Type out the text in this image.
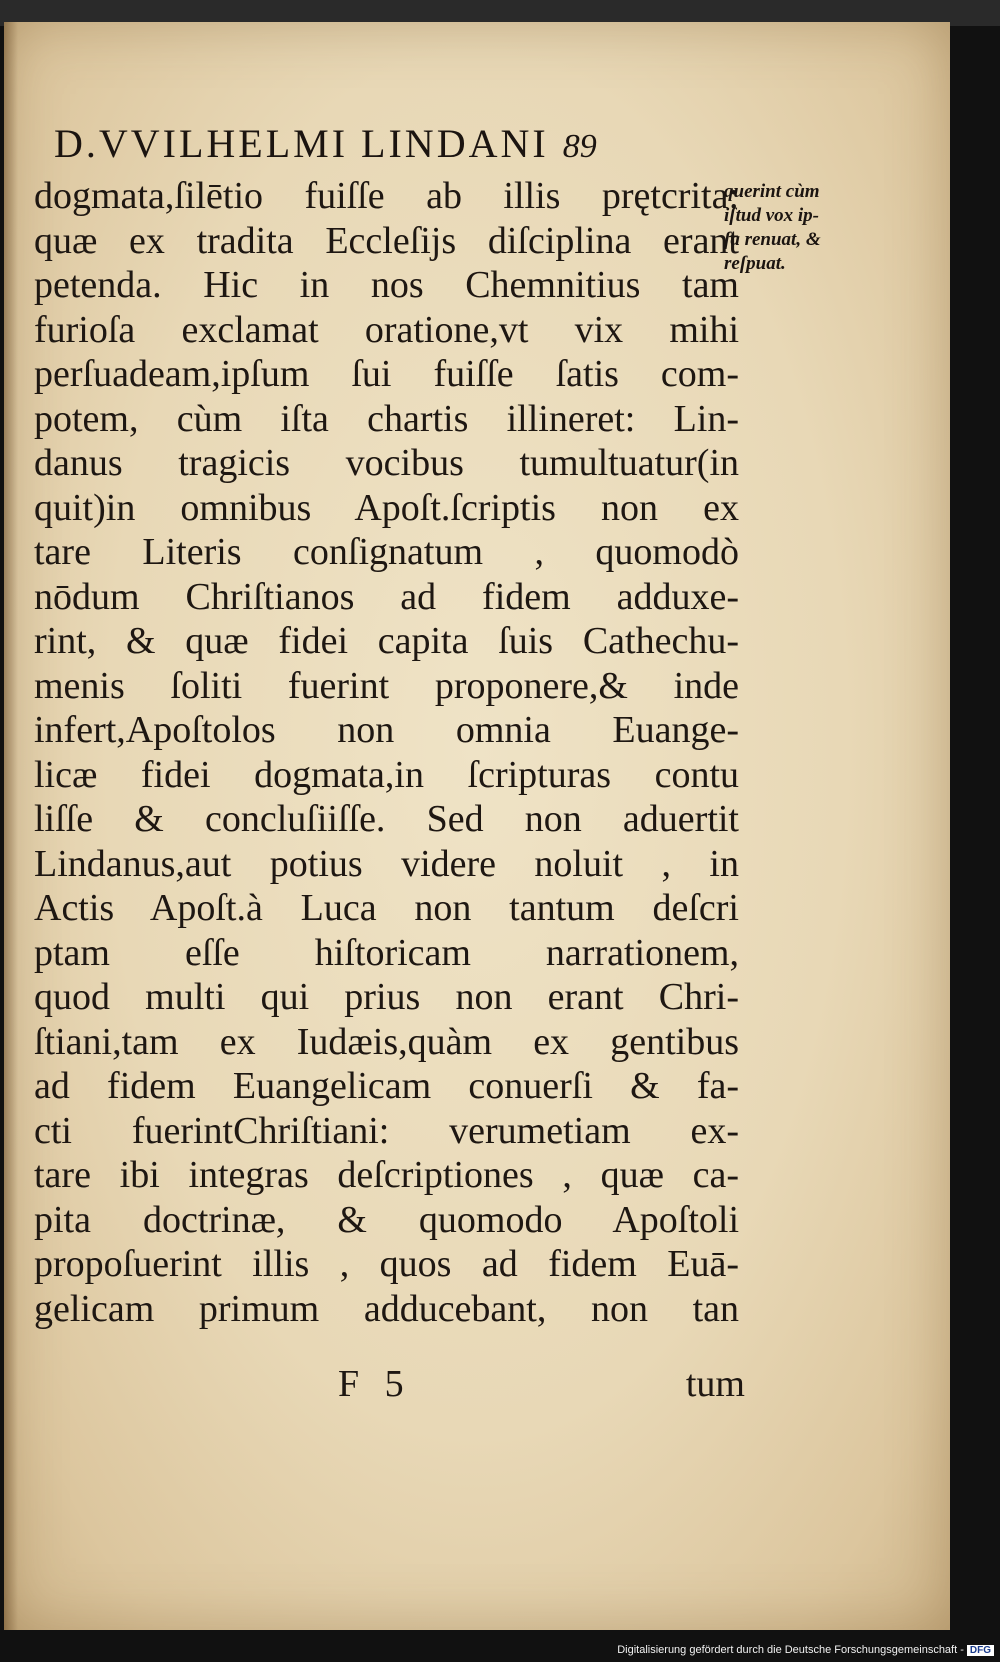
D.VVILHELMI LINDANI 89
dogmata,ſilētio fuiſſe ab illis prętcrita:
quæ ex tradita Eccleſijs diſciplina erant
petenda. Hic in nos Chemnitius tam
furioſa exclamat oratione,vt vix mihi
perſuadeam,ipſum ſui fuiſſe ſatis com-
potem, cùm iſta chartis illineret: Lin-
danus tragicis vocibus tumultuatur(in
quit)in omnibus Apoſt.ſcriptis non ex
tare Literis conſignatum , quomodò
nōdum Chriſtianos ad fidem adduxe-
rint, & quæ fidei capita ſuis Cathechu-
menis ſoliti fuerint proponere,& inde
infert,Apoſtolos non omnia Euange-
licæ fidei dogmata,in ſcripturas contu
liſſe & concluſiiſſe. Sed non aduertit
Lindanus,aut potius videre noluit , in
Actis Apoſt.à Luca non tantum deſcri
ptam eſſe hiſtoricam narrationem,
quod multi qui prius non erant Chri-
ſtiani,tam ex Iudæis,quàm ex gentibus
ad fidem Euangelicam conuerſi & fa-
cti fuerintChriſtiani: verumetiam ex-
tare ibi integras deſcriptiones , quæ ca-
pita doctrinæ, & quomodo Apoſtoli
propoſuerint illis , quos ad fidem Euā-
gelicam primum adducebant, non tan
querint cùm
iſtud vox ip-
ſa renuat, &
reſpuat.
F 5	tum
Digitalisierung gefördert durch die Deutsche Forschungsgemeinschaft - DFG
